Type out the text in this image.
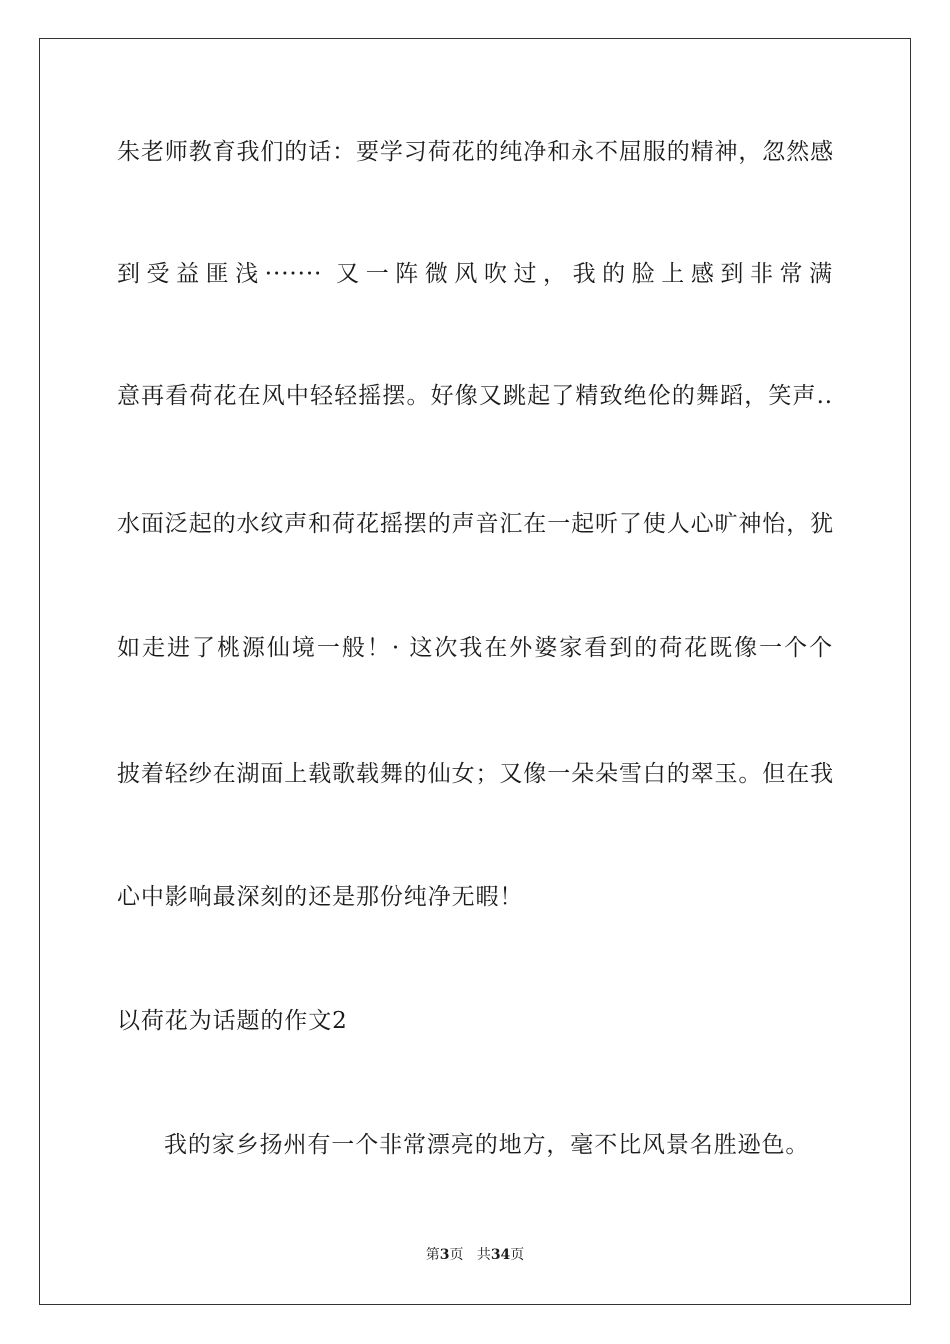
朱老师教育我们的话：要学习荷花的纯净和永不屈服的精神，忽然感
到受益匪浅······· 又一阵微风吹过，我的脸上感到非常满
意再看荷花在风中轻轻摇摆。好像又跳起了精致绝伦的舞蹈，笑声..
水面泛起的水纹声和荷花摇摆的声音汇在一起听了使人心旷神怡，犹
如走进了桃源仙境一般！· 这次我在外婆家看到的荷花既像一个个
披着轻纱在湖面上载歌载舞的仙女；又像一朵朵雪白的翠玉。但在我
心中影响最深刻的还是那份纯净无暇！
以荷花为话题的作文2
我的家乡扬州有一个非常漂亮的地方，毫不比风景名胜逊色。
第3页 共34页
